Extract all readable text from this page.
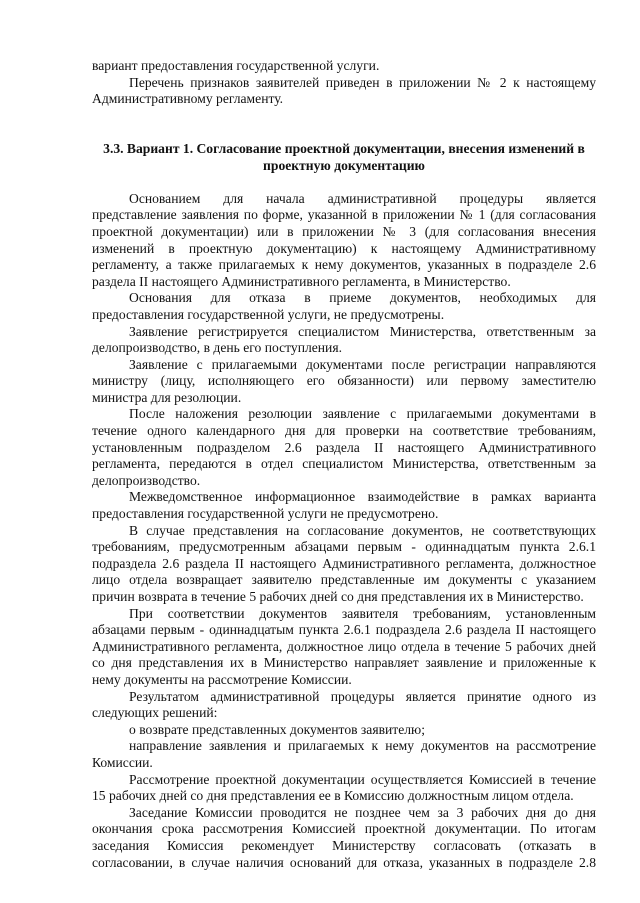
вариант предоставления государственной услуги.
Перечень признаков заявителей приведен в приложении № 2 к настоящему
Административному регламенту.
3.3. Вариант 1. Согласование проектной документации, внесения изменений в
проектную документацию
Основанием для начала административной процедуры является
представление заявления по форме, указанной в приложении № 1 (для согласования
проектной документации) или в приложении № 3 (для согласования внесения
изменений в проектную документацию) к настоящему Административному
регламенту, а также прилагаемых к нему документов, указанных в подразделе 2.6
раздела II настоящего Административного регламента, в Министерство.
Основания для отказа в приеме документов, необходимых для
предоставления государственной услуги, не предусмотрены.
Заявление регистрируется специалистом Министерства, ответственным за
делопроизводство, в день его поступления.
Заявление с прилагаемыми документами после регистрации направляются
министру (лицу, исполняющего его обязанности) или первому заместителю
министра для резолюции.
После наложения резолюции заявление с прилагаемыми документами в
течение одного календарного дня для проверки на соответствие требованиям,
установленным подразделом 2.6 раздела II настоящего Административного
регламента, передаются в отдел специалистом Министерства, ответственным за
делопроизводство.
Межведомственное информационное взаимодействие в рамках варианта
предоставления государственной услуги не предусмотрено.
В случае представления на согласование документов, не соответствующих
требованиям, предусмотренным абзацами первым - одиннадцатым пункта 2.6.1
подраздела 2.6 раздела II настоящего Административного регламента, должностное
лицо отдела возвращает заявителю представленные им документы с указанием
причин возврата в течение 5 рабочих дней со дня представления их в Министерство.
При соответствии документов заявителя требованиям, установленным
абзацами первым - одиннадцатым пункта 2.6.1 подраздела 2.6 раздела II настоящего
Административного регламента, должностное лицо отдела в течение 5 рабочих дней
со дня представления их в Министерство направляет заявление и приложенные к
нему документы на рассмотрение Комиссии.
Результатом административной процедуры является принятие одного из
следующих решений:
о возврате представленных документов заявителю;
направление заявления и прилагаемых к нему документов на рассмотрение
Комиссии.
Рассмотрение проектной документации осуществляется Комиссией в течение
15 рабочих дней со дня представления ее в Комиссию должностным лицом отдела.
Заседание Комиссии проводится не позднее чем за 3 рабочих дня до дня
окончания срока рассмотрения Комиссией проектной документации. По итогам
заседания Комиссия рекомендует Министерству согласовать (отказать в
согласовании, в случае наличия оснований для отказа, указанных в подразделе 2.8
